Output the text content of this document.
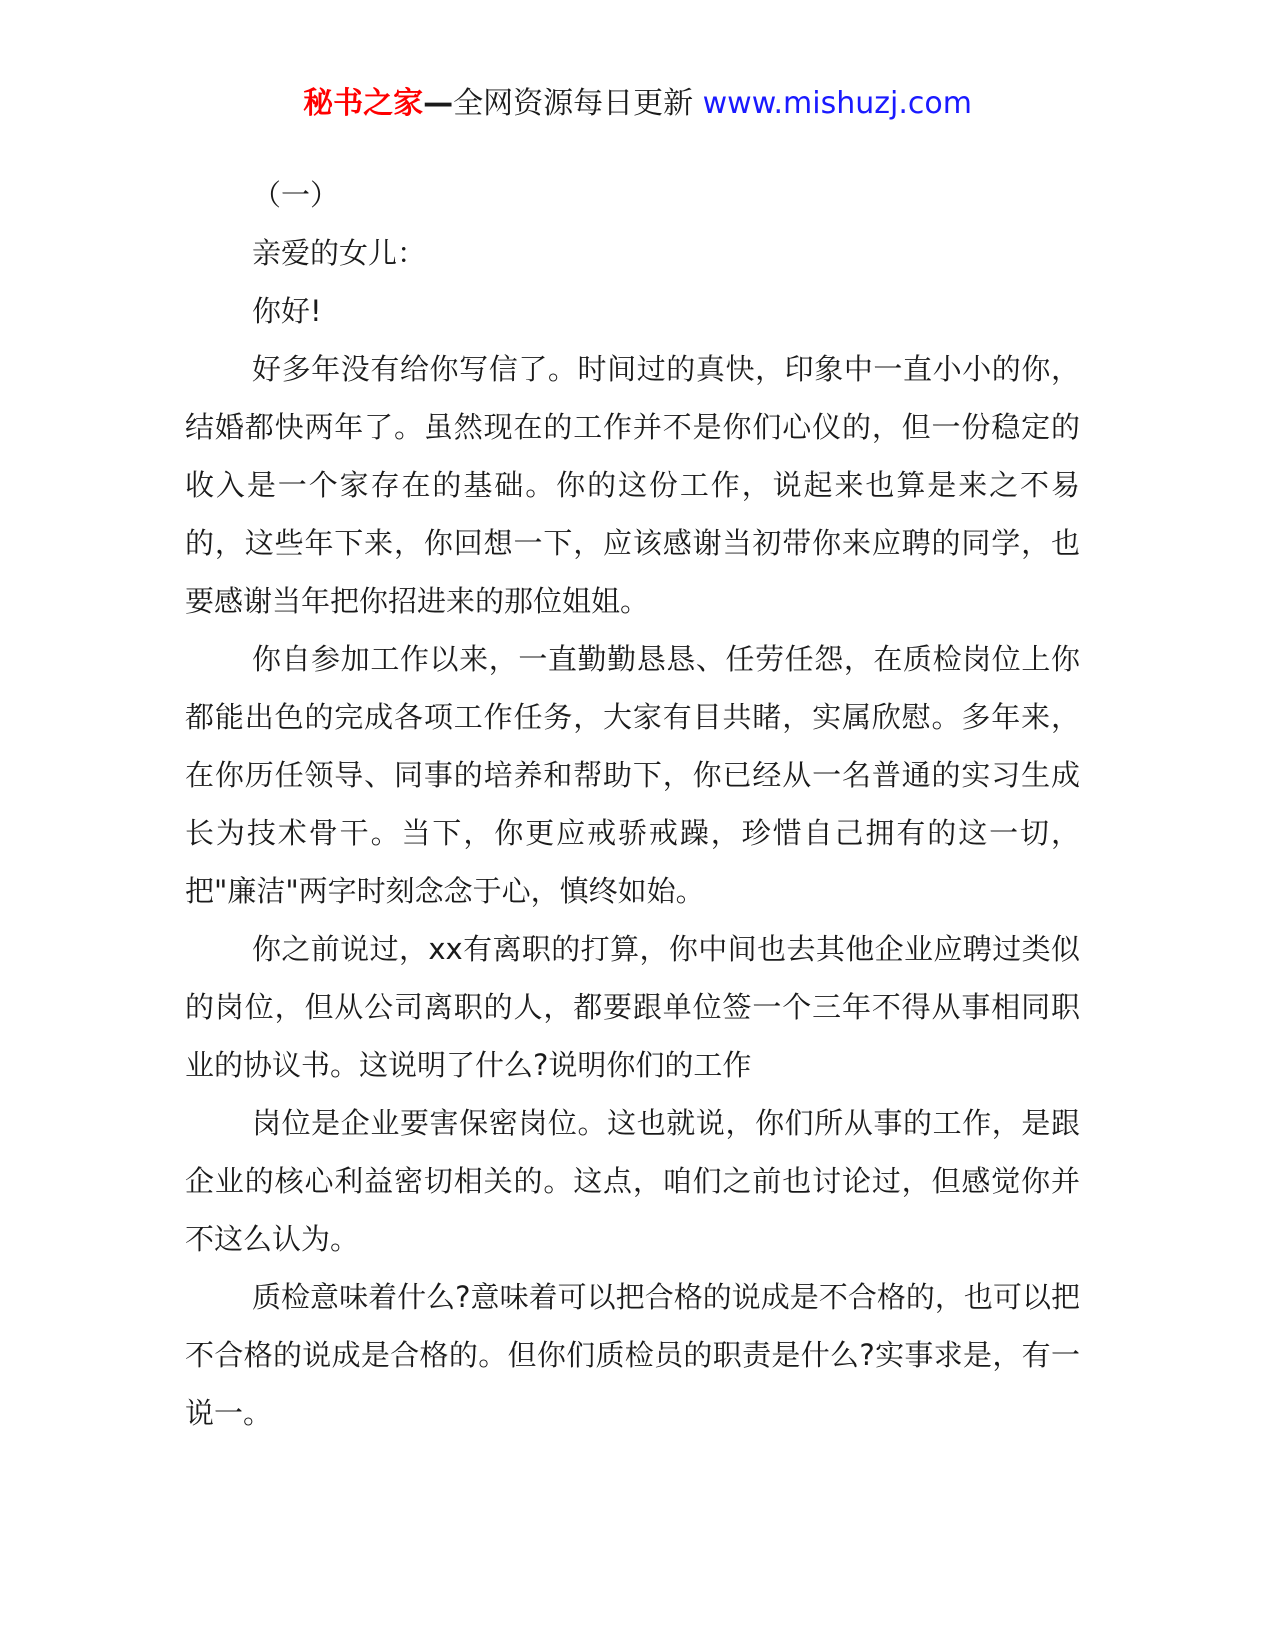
秘书之家—全网资源每日更新 www.mishuzj.com

（一）

亲爱的女儿：

你好!

好多年没有给你写信了。时间过的真快，印象中一直小小的你，结婚都快两年了。虽然现在的工作并不是你们心仪的，但一份稳定的收入是一个家存在的基础。你的这份工作，说起来也算是来之不易的，这些年下来，你回想一下，应该感谢当初带你来应聘的同学，也要感谢当年把你招进来的那位姐姐。

你自参加工作以来，一直勤勤恳恳、任劳任怨，在质检岗位上你都能出色的完成各项工作任务，大家有目共睹，实属欣慰。多年来，在你历任领导、同事的培养和帮助下，你已经从一名普通的实习生成长为技术骨干。当下，你更应戒骄戒躁，珍惜自己拥有的这一切，把"廉洁"两字时刻念念于心，慎终如始。

你之前说过，xx有离职的打算，你中间也去其他企业应聘过类似的岗位，但从公司离职的人，都要跟单位签一个三年不得从事相同职业的协议书。这说明了什么?说明你们的工作

岗位是企业要害保密岗位。这也就说，你们所从事的工作，是跟企业的核心利益密切相关的。这点，咱们之前也讨论过，但感觉你并不这么认为。

质检意味着什么?意味着可以把合格的说成是不合格的，也可以把不合格的说成是合格的。但你们质检员的职责是什么?实事求是，有一说一。
